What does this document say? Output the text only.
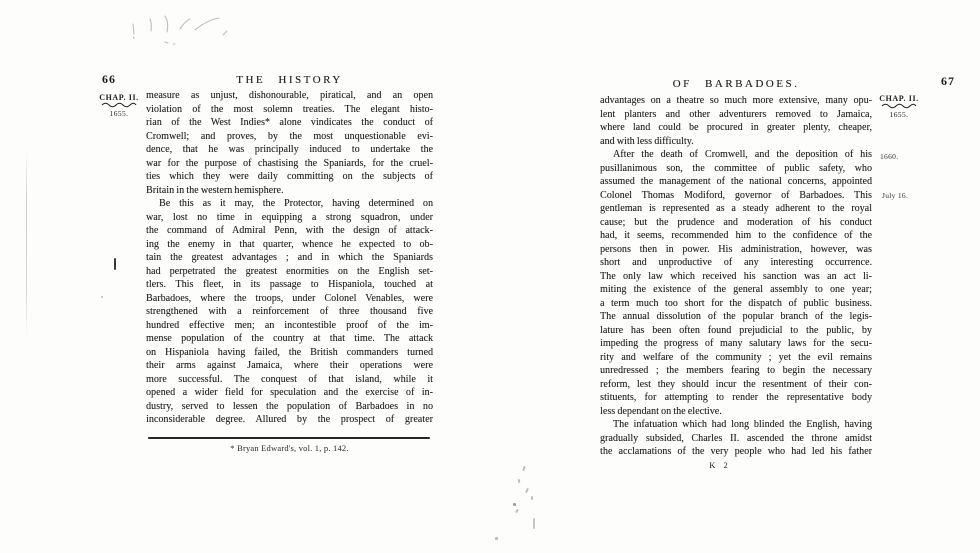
66	THE HISTORY
CHAP. II.
1655.
measure as unjust, dishonourable, piratical, and an open
violation of the most solemn treaties. The elegant histo-
rian of the West Indies* alone vindicates the conduct of
Cromwell; and proves, by the most unquestionable evi-
dence, that he was principally induced to undertake the
war for the purpose of chastising the Spaniards, for the cruel-
ties which they were daily committing on the subjects of
Britain in the western hemisphere.
Be this as it may, the Protector, having determined on
war, lost no time in equipping a strong squadron, under
the command of Admiral Penn, with the design of attack-
ing the enemy in that quarter, whence he expected to ob-
tain the greatest advantages ; and in which the Spaniards
had perpetrated the greatest enormities on the English set-
tlers. This fleet, in its passage to Hispaniola, touched at
Barbadoes, where the troops, under Colonel Venables, were
strengthened with a reinforcement of three thousand five
hundred effective men; an incontestible proof of the im-
mense population of the country at that time. The attack
on Hispaniola having failed, the British commanders turned
their arms against Jamaica, where their operations were
more successful. The conquest of that island, while it
opened a wider field for speculation and the exercise of in-
dustry, served to lessen the population of Barbadoes in no
inconsiderable degree. Allured by the prospect of greater
* Bryan Edward's, vol. 1, p. 142.
67
OF BARBADOES.
CHAP. II.
1655.
1660.
July 16.
advantages on a theatre so much more extensive, many opu-
lent planters and other adventurers removed to Jamaica,
where land could be procured in greater plenty, cheaper,
and with less difficulty.
After the death of Cromwell, and the deposition of his
pusillanimous son, the committee of public safety, who
assumed the management of the national concerns, appointed
Colonel Thomas Modiford, governor of Barbadoes. This
gentleman is represented as a steady adherent to the royal
cause; but the prudence and moderation of his conduct
had, it seems, recommended him to the confidence of the
persons then in power. His administration, however, was
short and unproductive of any interesting occurrence.
The only law which received his sanction was an act li-
miting the existence of the general assembly to one year;
a term much too short for the dispatch of public business.
The annual dissolution of the popular branch of the legis-
lature has been often found prejudicial to the public, by
impeding the progress of many salutary laws for the secu-
rity and welfare of the community ; yet the evil remains
unredressed ; the members fearing to begin the necessary
reform, lest they should incur the resentment of their con-
stituents, for attempting to render the representative body
less dependant on the elective.
The infatuation which had long blinded the English, having
gradually subsided, Charles II. ascended the throne amidst
the acclamations of the very people who had led his father
K 2
